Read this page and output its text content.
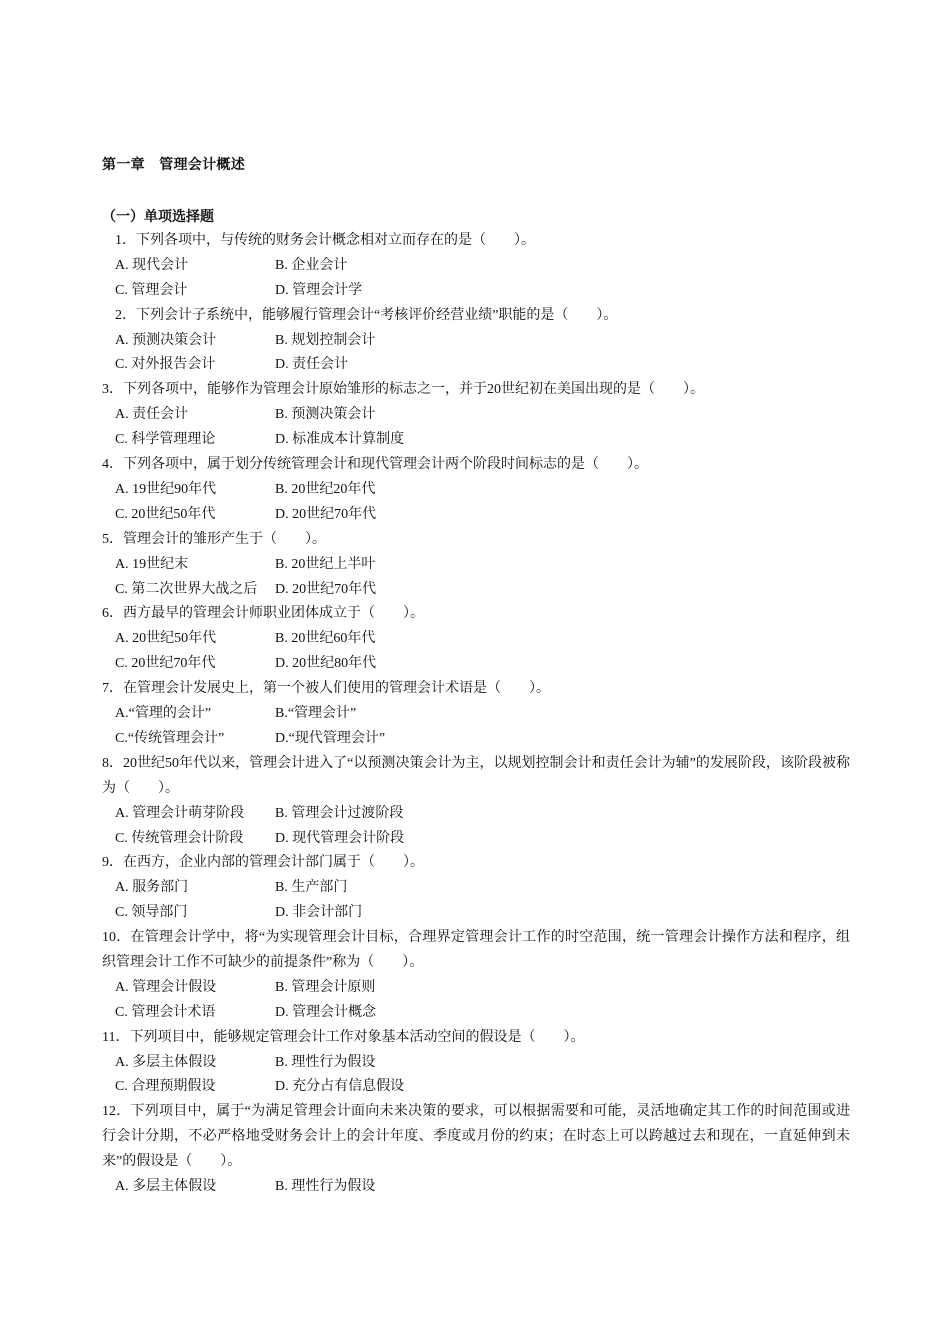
第一章　管理会计概述
（一）单项选择题

1．下列各项中，与传统的财务会计概念相对立而存在的是（　　）。

A. 现代会计	B. 企业会计
C. 管理会计	D. 管理会计学

2．下列会计子系统中，能够履行管理会计“考核评价经营业绩”职能的是（　　）。

A. 预测决策会计	B. 规划控制会计
C. 对外报告会计	D. 责任会计

3．下列各项中，能够作为管理会计原始雏形的标志之一，并于20世纪初在美国出现的是（　　）。

A. 责任会计	B. 预测决策会计
C. 科学管理理论	D. 标准成本计算制度

4．下列各项中，属于划分传统管理会计和现代管理会计两个阶段时间标志的是（　　）。

A. 19世纪90年代	B. 20世纪20年代
C. 20世纪50年代	D. 20世纪70年代

5．管理会计的雏形产生于（　　）。

A. 19世纪末	B. 20世纪上半叶
C. 第二次世界大战之后	D. 20世纪70年代

6．西方最早的管理会计师职业团体成立于（　　）。

A. 20世纪50年代	B. 20世纪60年代
C. 20世纪70年代	D. 20世纪80年代

7．在管理会计发展史上，第一个被人们使用的管理会计术语是（　　）。

A.“管理的会计”	B.“管理会计”
C.“传统管理会计”	D.“现代管理会计”

8．20世纪50年代以来，管理会计进入了“以预测决策会计为主，以规划控制会计和责任会计为辅”的发展阶段，该阶段被称为（　　）。

A. 管理会计萌芽阶段	B. 管理会计过渡阶段
C. 传统管理会计阶段	D. 现代管理会计阶段

9．在西方，企业内部的管理会计部门属于（　　）。

A. 服务部门	B. 生产部门
C. 领导部门	D. 非会计部门

10．在管理会计学中，将“为实现管理会计目标，合理界定管理会计工作的时空范围，统一管理会计操作方法和程序，组织管理会计工作不可缺少的前提条件”称为（　　）。

A. 管理会计假设	B. 管理会计原则
C. 管理会计术语	D. 管理会计概念

11．下列项目中，能够规定管理会计工作对象基本活动空间的假设是（　　）。

A. 多层主体假设	B. 理性行为假设
C. 合理预期假设	D. 充分占有信息假设

12．下列项目中，属于“为满足管理会计面向未来决策的要求，可以根据需要和可能，灵活地确定其工作的时间范围或进行会计分期，不必严格地受财务会计上的会计年度、季度或月份的约束；在时态上可以跨越过去和现在，一直延伸到未来”的假设是（　　）。

A. 多层主体假设	B. 理性行为假设
